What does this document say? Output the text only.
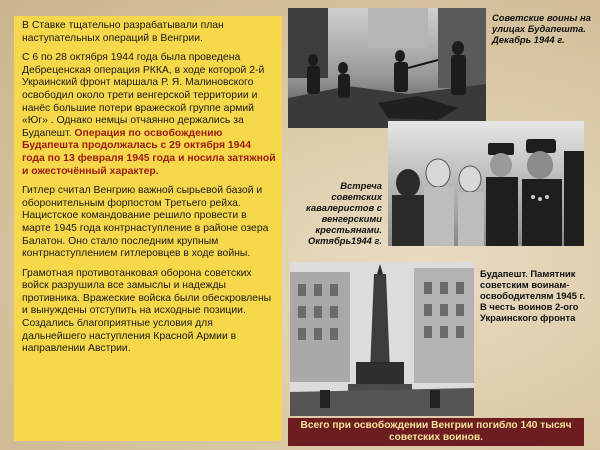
В Ставке тщательно разрабатывали план наступательных операций в Венгрии.

С 6 по 28 октября 1944 года была проведена Дебреценская операция РККА, в ходе которой 2-й Украинский фронт маршала Р. Я. Малиновского освободил около трети венгерской территории и нанёс большие потери вражеской группе армий «Юг» . Однако немцы отчаянно держались за Будапешт. Операция по освобождению Будапешта продолжалась с 29 октября 1944 года по 13 февраля 1945 года и носила затяжной и ожесточённый характер.

Гитлер считал Венгрию важной сырьевой базой и оборонительным форпостом Третьего рейха. Нацистское командование решило провести в марте 1945 года контрнаступление в районе озера Балатон. Оно стало последним крупным контрнаступлением гитлеровцев в ходе войны.

Грамотная противотанковая оборона советских войск разрушила все замыслы и надежды противника. Вражеские войска были обескровлены и вынуждены отступить на исходные позиции. Создались благоприятные условия для дальнейшего наступления Красной Армии в направлении Австрии.

Советские воины на улицах Будапешта. Декабрь 1944 г.
Встреча советских кавалеристов с венгерскими крестьянами. Октябрь1944 г.
Будапешт. Памятник советским воинам-освободителям 1945 г. В честь воинов 2-ого Украинского фронта
Всего при освобождении Венгрии погибло 140 тысяч советских воинов.
